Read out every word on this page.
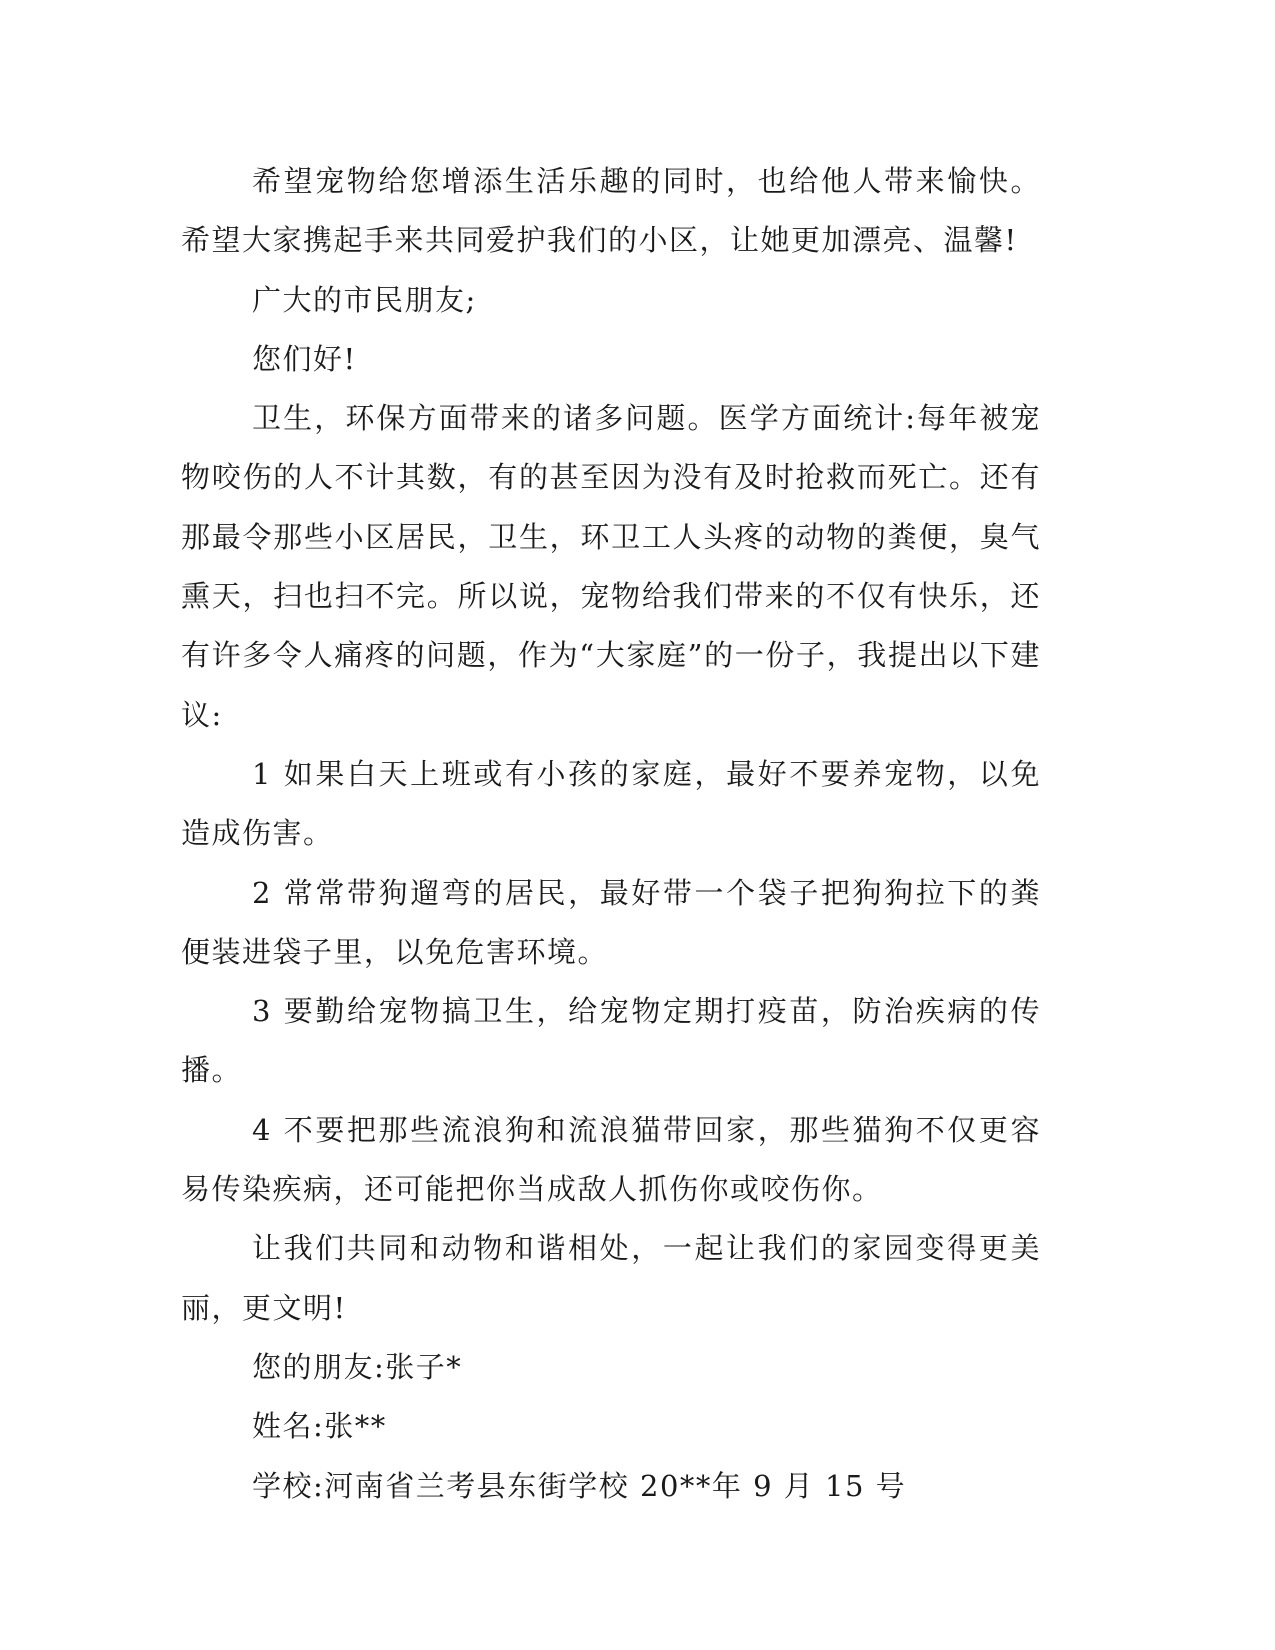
希望宠物给您增添生活乐趣的同时，也给他人带来愉快。希望大家携起手来共同爱护我们的小区，让她更加漂亮、温馨!

广大的市民朋友;

您们好!

卫生，环保方面带来的诸多问题。医学方面统计:每年被宠物咬伤的人不计其数，有的甚至因为没有及时抢救而死亡。还有那最令那些小区居民，卫生，环卫工人头疼的动物的粪便，臭气熏天，扫也扫不完。所以说，宠物给我们带来的不仅有快乐，还有许多令人痛疼的问题，作为“大家庭”的一份子，我提出以下建议:

1 如果白天上班或有小孩的家庭，最好不要养宠物，以免造成伤害。

2 常常带狗遛弯的居民，最好带一个袋子把狗狗拉下的粪便装进袋子里，以免危害环境。

3 要勤给宠物搞卫生，给宠物定期打疫苗，防治疾病的传播。

4 不要把那些流浪狗和流浪猫带回家，那些猫狗不仅更容易传染疾病，还可能把你当成敌人抓伤你或咬伤你。

让我们共同和动物和谐相处，一起让我们的家园变得更美丽，更文明!

您的朋友:张子*

姓名:张**

学校:河南省兰考县东街学校 20**年 9 月 15 号
